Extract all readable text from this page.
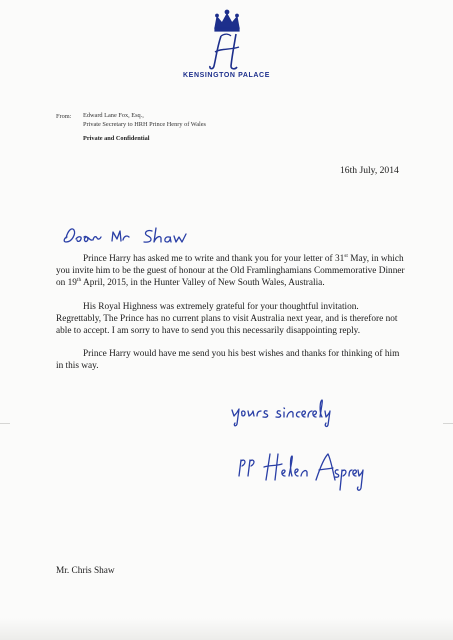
KENSINGTON PALACE
From: Edward Lane Fox, Esq.,
Private Secretary to HRH Prince Henry of Wales
Private and Confidential
16th July, 2014

Prince Harry has asked me to write and thank you for your letter of 31st May, in which you invite him to be the guest of honour at the Old Framlinghamians Commemorative Dinner on 19th April, 2015, in the Hunter Valley of New South Wales, Australia.

His Royal Highness was extremely grateful for your thoughtful invitation. Regrettably, The Prince has no current plans to visit Australia next year, and is therefore not able to accept. I am sorry to have to send you this necessarily disappointing reply.

Prince Harry would have me send you his best wishes and thanks for thinking of him in this way.

Mr. Chris Shaw
